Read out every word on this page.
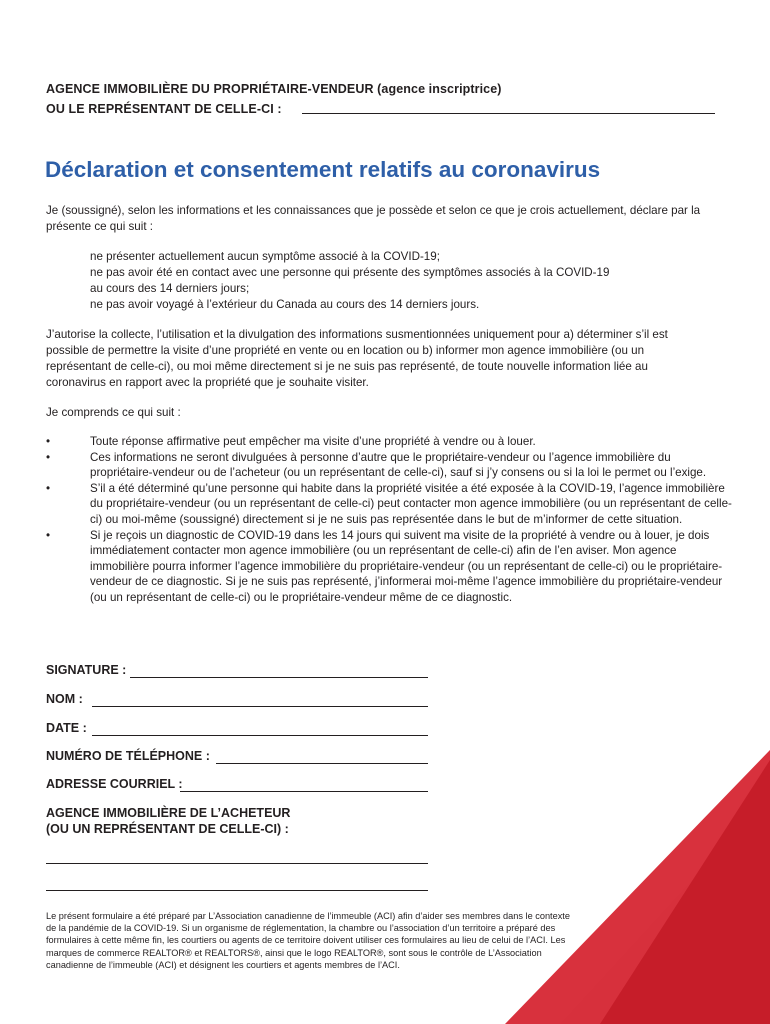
AGENCE IMMOBILIÈRE DU PROPRIÉTAIRE-VENDEUR (agence inscriptrice)
OU LE REPRÉSENTANT DE CELLE-CI :
Déclaration et consentement relatifs au coronavirus
Je (soussigné), selon les informations et les connaissances que je possède et selon ce que je crois actuellement, déclare par la présente ce qui suit :
ne présenter actuellement aucun symptôme associé à la COVID-19;
ne pas avoir été en contact avec une personne qui présente des symptômes associés à la COVID-19
au cours des 14 derniers jours;
ne pas avoir voyagé à l’extérieur du Canada au cours des 14 derniers jours.
J’autorise la collecte, l’utilisation et la divulgation des informations susmentionnées uniquement pour a) déterminer s’il est possible de permettre la visite d’une propriété en vente ou en location ou b) informer mon agence immobilière (ou un représentant de celle-ci), ou moi même directement si je ne suis pas représenté, de toute nouvelle information liée au coronavirus en rapport avec la propriété que je souhaite visiter.
Je comprends ce qui suit :
•	Toute réponse affirmative peut empêcher ma visite d’une propriété à vendre ou à louer.
•	Ces informations ne seront divulguées à personne d’autre que le propriétaire-vendeur ou l’agence immobilière du propriétaire-vendeur ou de l’acheteur (ou un représentant de celle-ci), sauf si j’y consens ou si la loi le permet ou l’exige.
•	S’il a été déterminé qu’une personne qui habite dans la propriété visitée a été exposée à la COVID-19, l’agence immobilière du propriétaire-vendeur (ou un représentant de celle-ci) peut contacter mon agence immobilière (ou un représentant de celle-ci) ou moi-même (soussigné) directement si je ne suis pas représentée dans le but de m’informer de cette situation.
•	Si je reçois un diagnostic de COVID-19 dans les 14 jours qui suivent ma visite de la propriété à vendre ou à louer, je dois immédiatement contacter mon agence immobilière (ou un représentant de celle-ci) afin de l’en aviser. Mon agence immobilière pourra informer l’agence immobilière du propriétaire-vendeur (ou un représentant de celle-ci) ou le propriétaire-vendeur de ce diagnostic. Si je ne suis pas représenté, j’informerai moi-même l’agence immobilière du propriétaire-vendeur (ou un représentant de celle-ci) ou le propriétaire-vendeur même de ce diagnostic.
SIGNATURE :
NOM :
DATE :
NUMÉRO DE TÉLÉPHONE :
ADRESSE COURRIEL :
AGENCE IMMOBILIÈRE DE L’ACHETEUR
(OU UN REPRÉSENTANT DE CELLE-CI) :
Le présent formulaire a été préparé par L’Association canadienne de l’immeuble (ACI) afin d’aider ses membres dans le contexte de la pandémie de la COVID-19. Si un organisme de réglementation, la chambre ou l’association d’un territoire a préparé des formulaires à cette même fin, les courtiers ou agents de ce territoire doivent utiliser ces formulaires au lieu de celui de l’ACI. Les marques de commerce REALTOR® et REALTORS®, ainsi que le logo REALTOR®, sont sous le contrôle de L’Association canadienne de l’immeuble (ACI) et désignent les courtiers et agents membres de l’ACI.
